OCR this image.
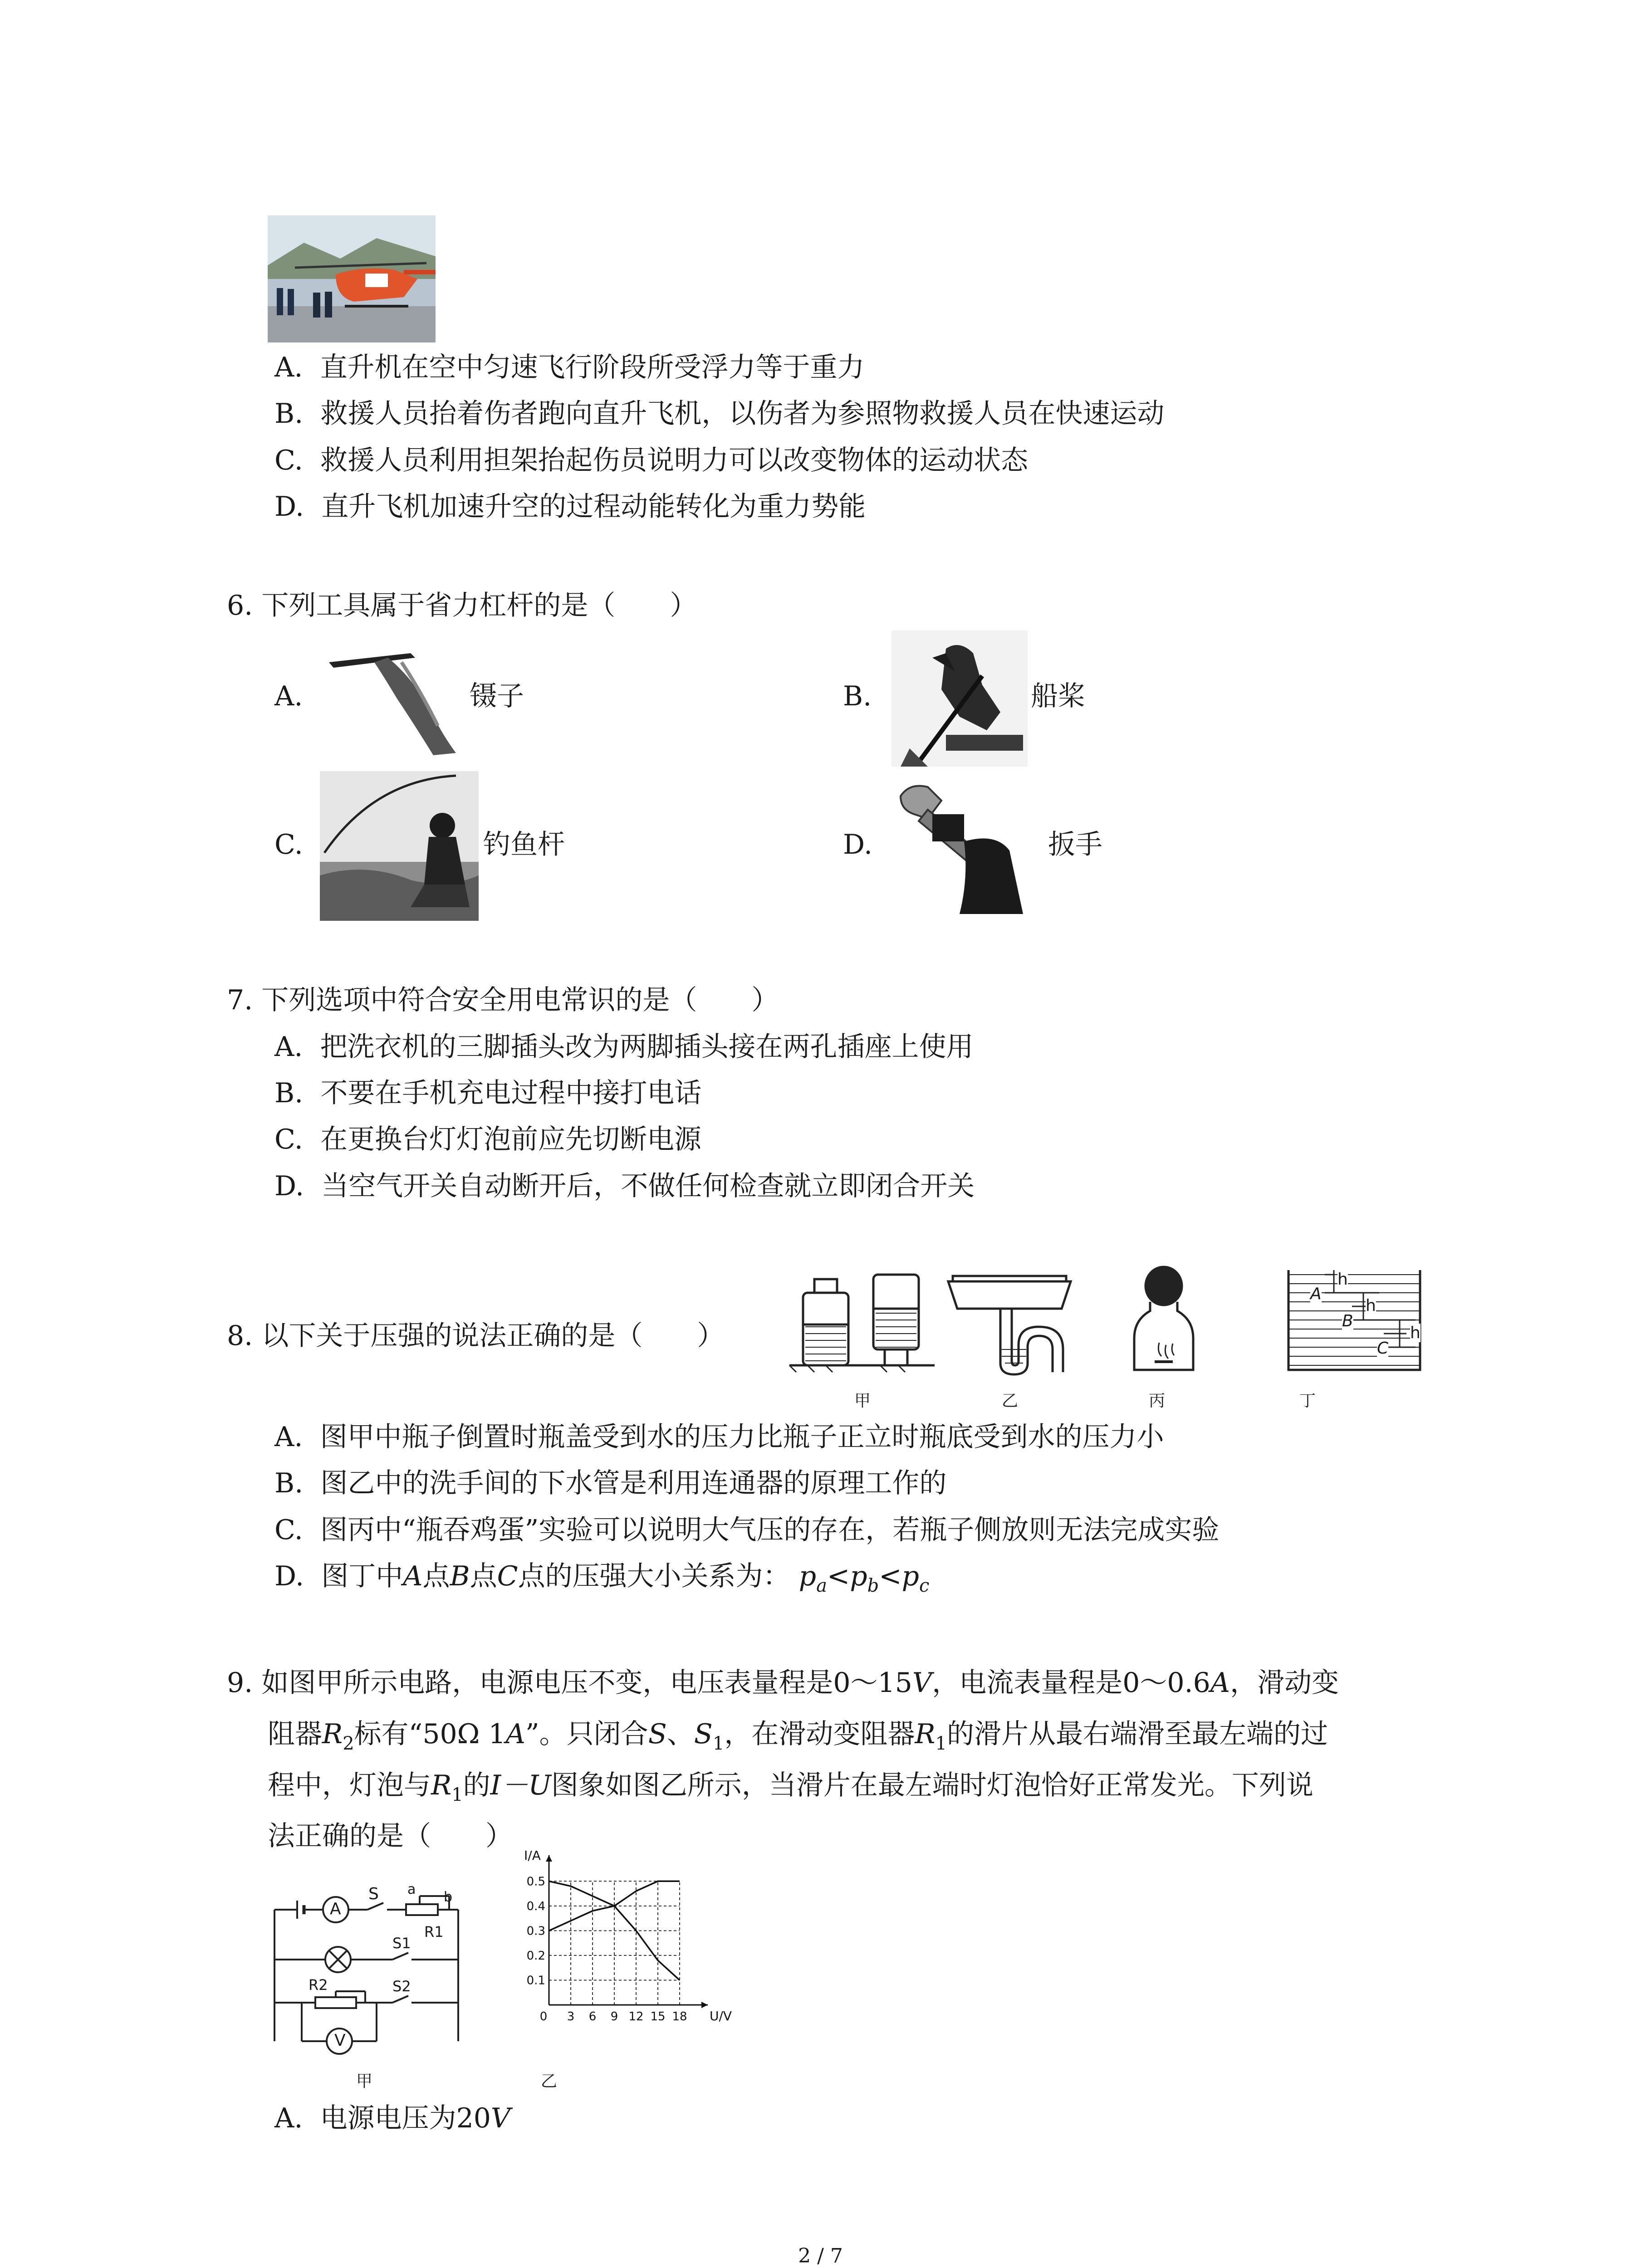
A. 直升机在空中匀速飞行阶段所受浮力等于重力
B. 救援人员抬着伤者跑向直升飞机，以伤者为参照物救援人员在快速运动
C. 救援人员利用担架抬起伤员说明力可以改变物体的运动状态
D. 直升飞机加速升空的过程动能转化为重力势能
6. 下列工具属于省力杠杆的是（　　）
A.	镊子	B.	船桨
C.	钓鱼杆	D.	扳手
7. 下列选项中符合安全用电常识的是（　　）
A. 把洗衣机的三脚插头改为两脚插头接在两孔插座上使用
B. 不要在手机充电过程中接打电话
C. 在更换台灯灯泡前应先切断电源
D. 当空气开关自动断开后，不做任何检查就立即闭合开关
8. 以下关于压强的说法正确的是（　　）
A
h
B
h
C
h
甲	乙	丙	丁
A. 图甲中瓶子倒置时瓶盖受到水的压力比瓶子正立时瓶底受到水的压力小
B. 图乙中的洗手间的下水管是利用连通器的原理工作的
C. 图丙中“瓶吞鸡蛋”实验可以说明大气压的存在，若瓶子侧放则无法完成实验
D. 图丁中A点B点C点的压强大小关系为： $p_a<p_b<p_c$
9. 如图甲所示电路，电源电压不变，电压表量程是0～15V，电流表量程是0～0.6A，滑动变
阻器$R_2$标有“50Ω 1A”。只闭合S、$S_1$，在滑动变阻器$R_1$的滑片从最右端滑至最左端的过
程中，灯泡与$R_1$的I－U图象如图乙所示，当滑片在最左端时灯泡恰好正常发光。下列说
法正确的是（　　）
A
S a b
R1
S1
R2	S2
V
3 6 9 12 15 18
0.1
0.2
0.3
0.4
0.5
0
I/A
U/V
甲	乙
A. 电源电压为20V
2 / 7
